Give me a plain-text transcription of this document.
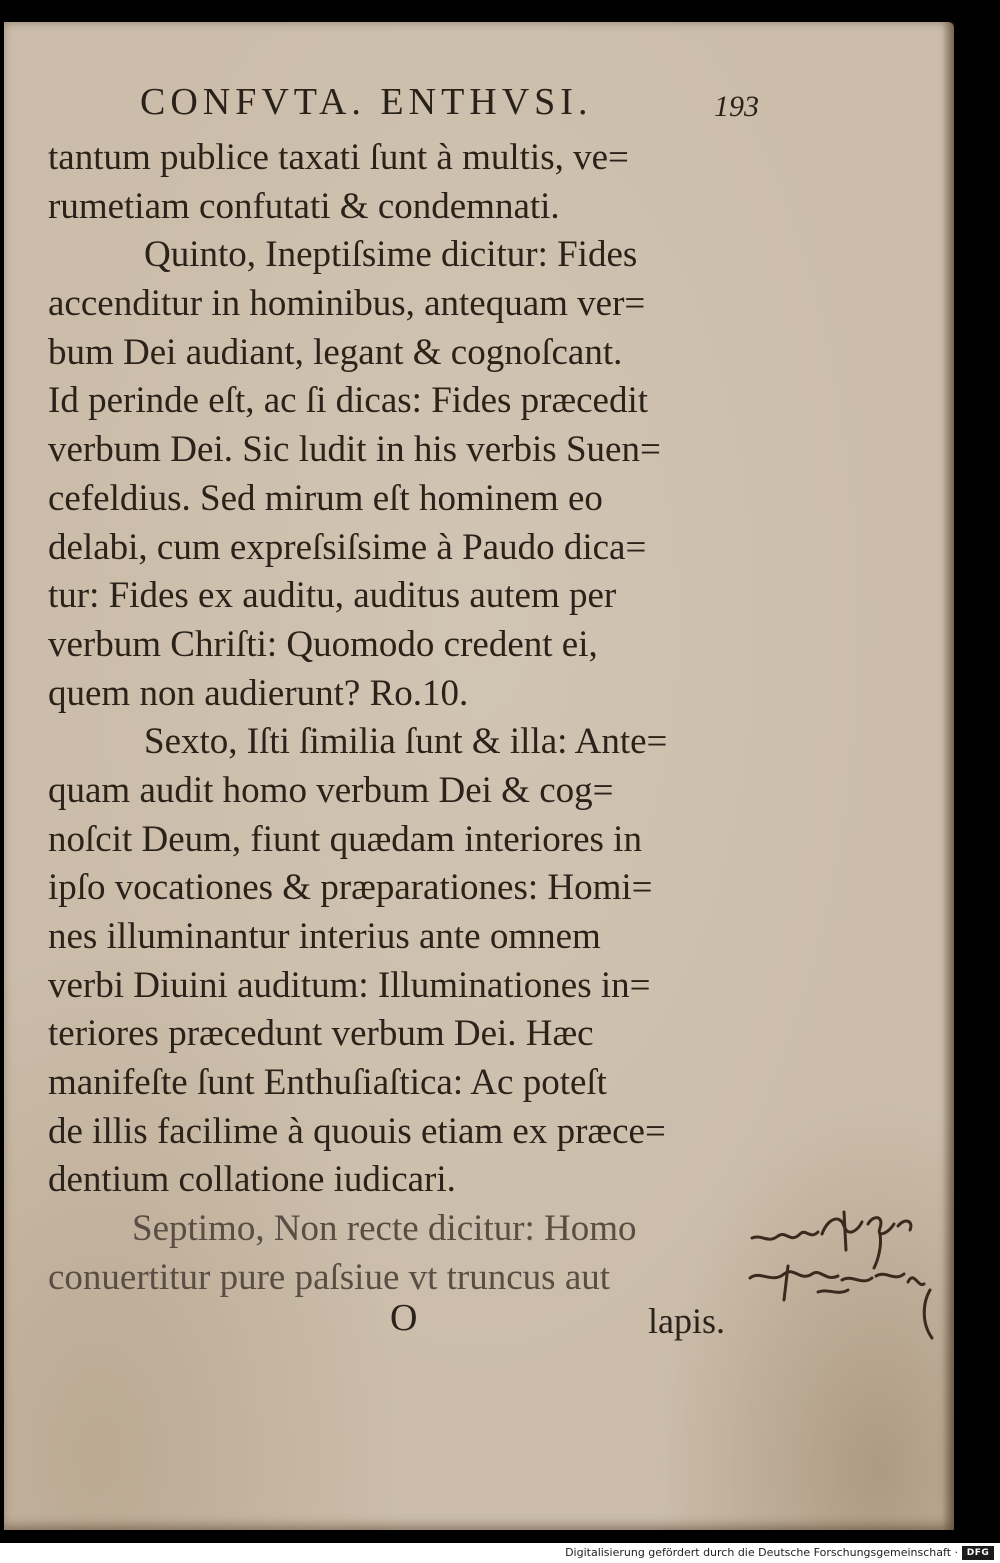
CONFVTA. ENTHVSI.	193
tantum publice taxati ſunt à multis, ve=
rumetiam confutati & condemnati.
Quinto, Ineptiſsime dicitur: Fides
accenditur in hominibus, antequam ver=
bum Dei audiant, legant & cognoſcant.
Id perinde eſt, ac ſi dicas: Fides præcedit
verbum Dei. Sic ludit in his verbis Suen=
cefeldius. Sed mirum eſt hominem eo
delabi, cum expreſsiſsime à Paudo dica=
tur: Fides ex auditu, auditus autem per
verbum Chriſti: Quomodo credent ei,
quem non audierunt? Ro.10.
Sexto, Iſti ſimilia ſunt & illa: Ante=
quam audit homo verbum Dei & cog=
noſcit Deum, fiunt quædam interiores in
ipſo vocationes & præparationes: Homi=
nes illuminantur interius ante omnem
verbi Diuini auditum: Illuminationes in=
teriores præcedunt verbum Dei. Hæc
manifeſte ſunt Enthuſiaſtica: Ac poteſt
de illis facilime à quouis etiam ex præce=
dentium collatione iudicari.
Septimo, Non recte dicitur: Homo
conuertitur pure paſsiue vt truncus aut
O	lapis.
Digitalisierung gefördert durch die Deutsche Forschungsgemeinschaft · DFG
